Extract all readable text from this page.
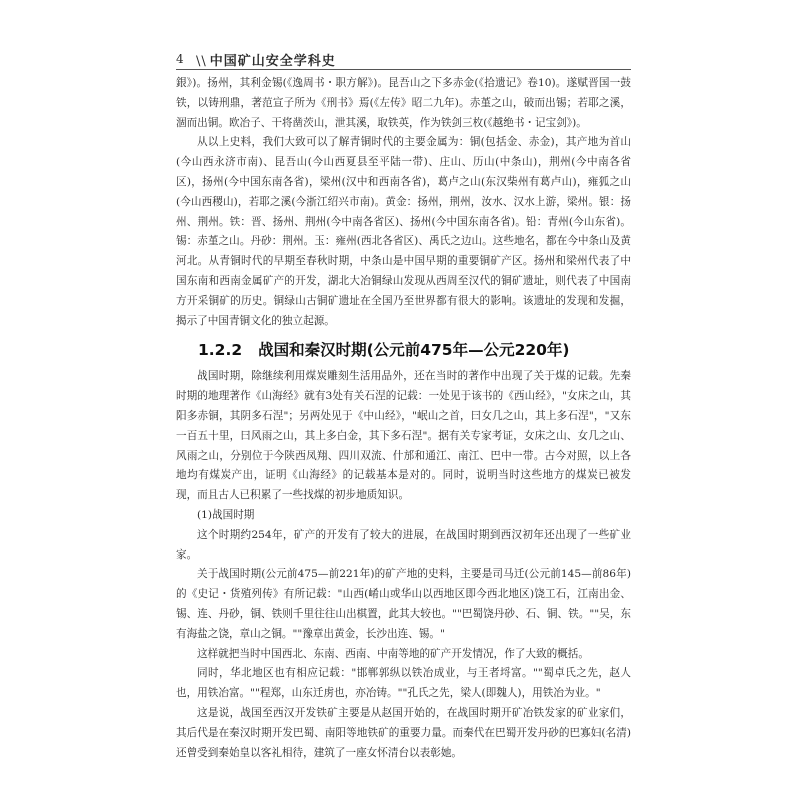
4
\\	中国矿山安全学科史

銀》)。扬州，其利金锡(《逸周书・职方解》)。昆吾山之下多赤金(《拾遗记》卷10)。遂赋晋国一鼓铁，以铸刑鼎，著范宣子所为《刑书》焉(《左传》昭二九年)。赤堇之山，破而出锡；若耶之溪，涸而出铜。欧冶子、干将凿茨山，泄其溪，取铁英，作为铁剑三枚(《越绝书・记宝剑》)。

从以上史料，我们大致可以了解青铜时代的主要金属为：铜(包括金、赤金)，其产地为首山(今山西永济市南)、昆吾山(今山西夏县至平陆一带)、庄山、历山(中条山)，荆州(今中南各省区)，扬州(今中国东南各省)，梁州(汉中和西南各省)，葛卢之山(东汉柴州有葛卢山)，雍狐之山(今山西稷山)，若耶之溪(今浙江绍兴市南)。黄金：扬州，荆州，汝水、汉水上游，梁州。银：扬州、荆州。铁：晋、扬州、荆州(今中南各省区)、扬州(今中国东南各省)。铅：青州(今山东省)。锡：赤堇之山。丹砂：荆州。玉：雍州(西北各省区)、禹氏之边山。这些地名，都在今中条山及黄河北。从青铜时代的早期至春秋时期，中条山是中国早期的重要铜矿产区。扬州和梁州代表了中国东南和西南金属矿产的开发，湖北大冶铜绿山发现从西周至汉代的铜矿遗址，则代表了中国南方开采铜矿的历史。铜绿山古铜矿遗址在全国乃至世界都有很大的影响。该遗址的发现和发掘，揭示了中国青铜文化的独立起源。

1.2.2 战国和秦汉时期(公元前475年—公元220年)

战国时期，除继续利用煤炭雕刻生活用品外，还在当时的著作中出现了关于煤的记载。先秦时期的地理著作《山海经》就有3处有关石涅的记载：一处见于该书的《西山经》，"女床之山，其阳多赤铜，其阴多石涅"；另两处见于《中山经》，"岷山之首，曰女几之山，其上多石涅"，"又东一百五十里，曰风雨之山，其上多白金，其下多石涅"。据有关专家考证，女床之山、女几之山、风雨之山，分别位于今陕西凤翔、四川双流、什邡和通江、南江、巴中一带。古今对照，以上各地均有煤炭产出，证明《山海经》的记载基本是对的。同时，说明当时这些地方的煤炭已被发现，而且古人已积累了一些找煤的初步地质知识。

(1)战国时期

这个时期约254年，矿产的开发有了较大的进展，在战国时期到西汉初年还出现了一些矿业家。

关于战国时期(公元前475—前221年)的矿产地的史料，主要是司马迁(公元前145—前86年)的《史记・货殖列传》有所记载："山西(崤山或华山以西地区即今西北地区)饶工石，江南出金、锡、连、丹砂，铜、铁则千里往往山出棋置，此其大较也。""巴蜀饶丹砂、石、铜、铁。""吴，东有海盐之饶，章山之铜。""豫章出黄金，长沙出连、锡。"

这样就把当时中国西北、东南、西南、中南等地的矿产开发情况，作了大致的概括。

同时，华北地区也有相应记载："邯郸郭纵以铁冶成业，与王者埒富。""蜀卓氏之先，赵人也，用铁冶富。""程郑，山东迁虏也，亦冶铸。""孔氏之先，梁人(即魏人)，用铁冶为业。"

这是说，战国至西汉开发铁矿主要是从赵国开始的，在战国时期开矿冶铁发家的矿业家们，其后代是在秦汉时期开发巴蜀、南阳等地铁矿的重要力量。而秦代在巴蜀开发丹砂的巴寡妇(名清)还曾受到秦始皇以客礼相待，建筑了一座女怀清台以表彰她。
